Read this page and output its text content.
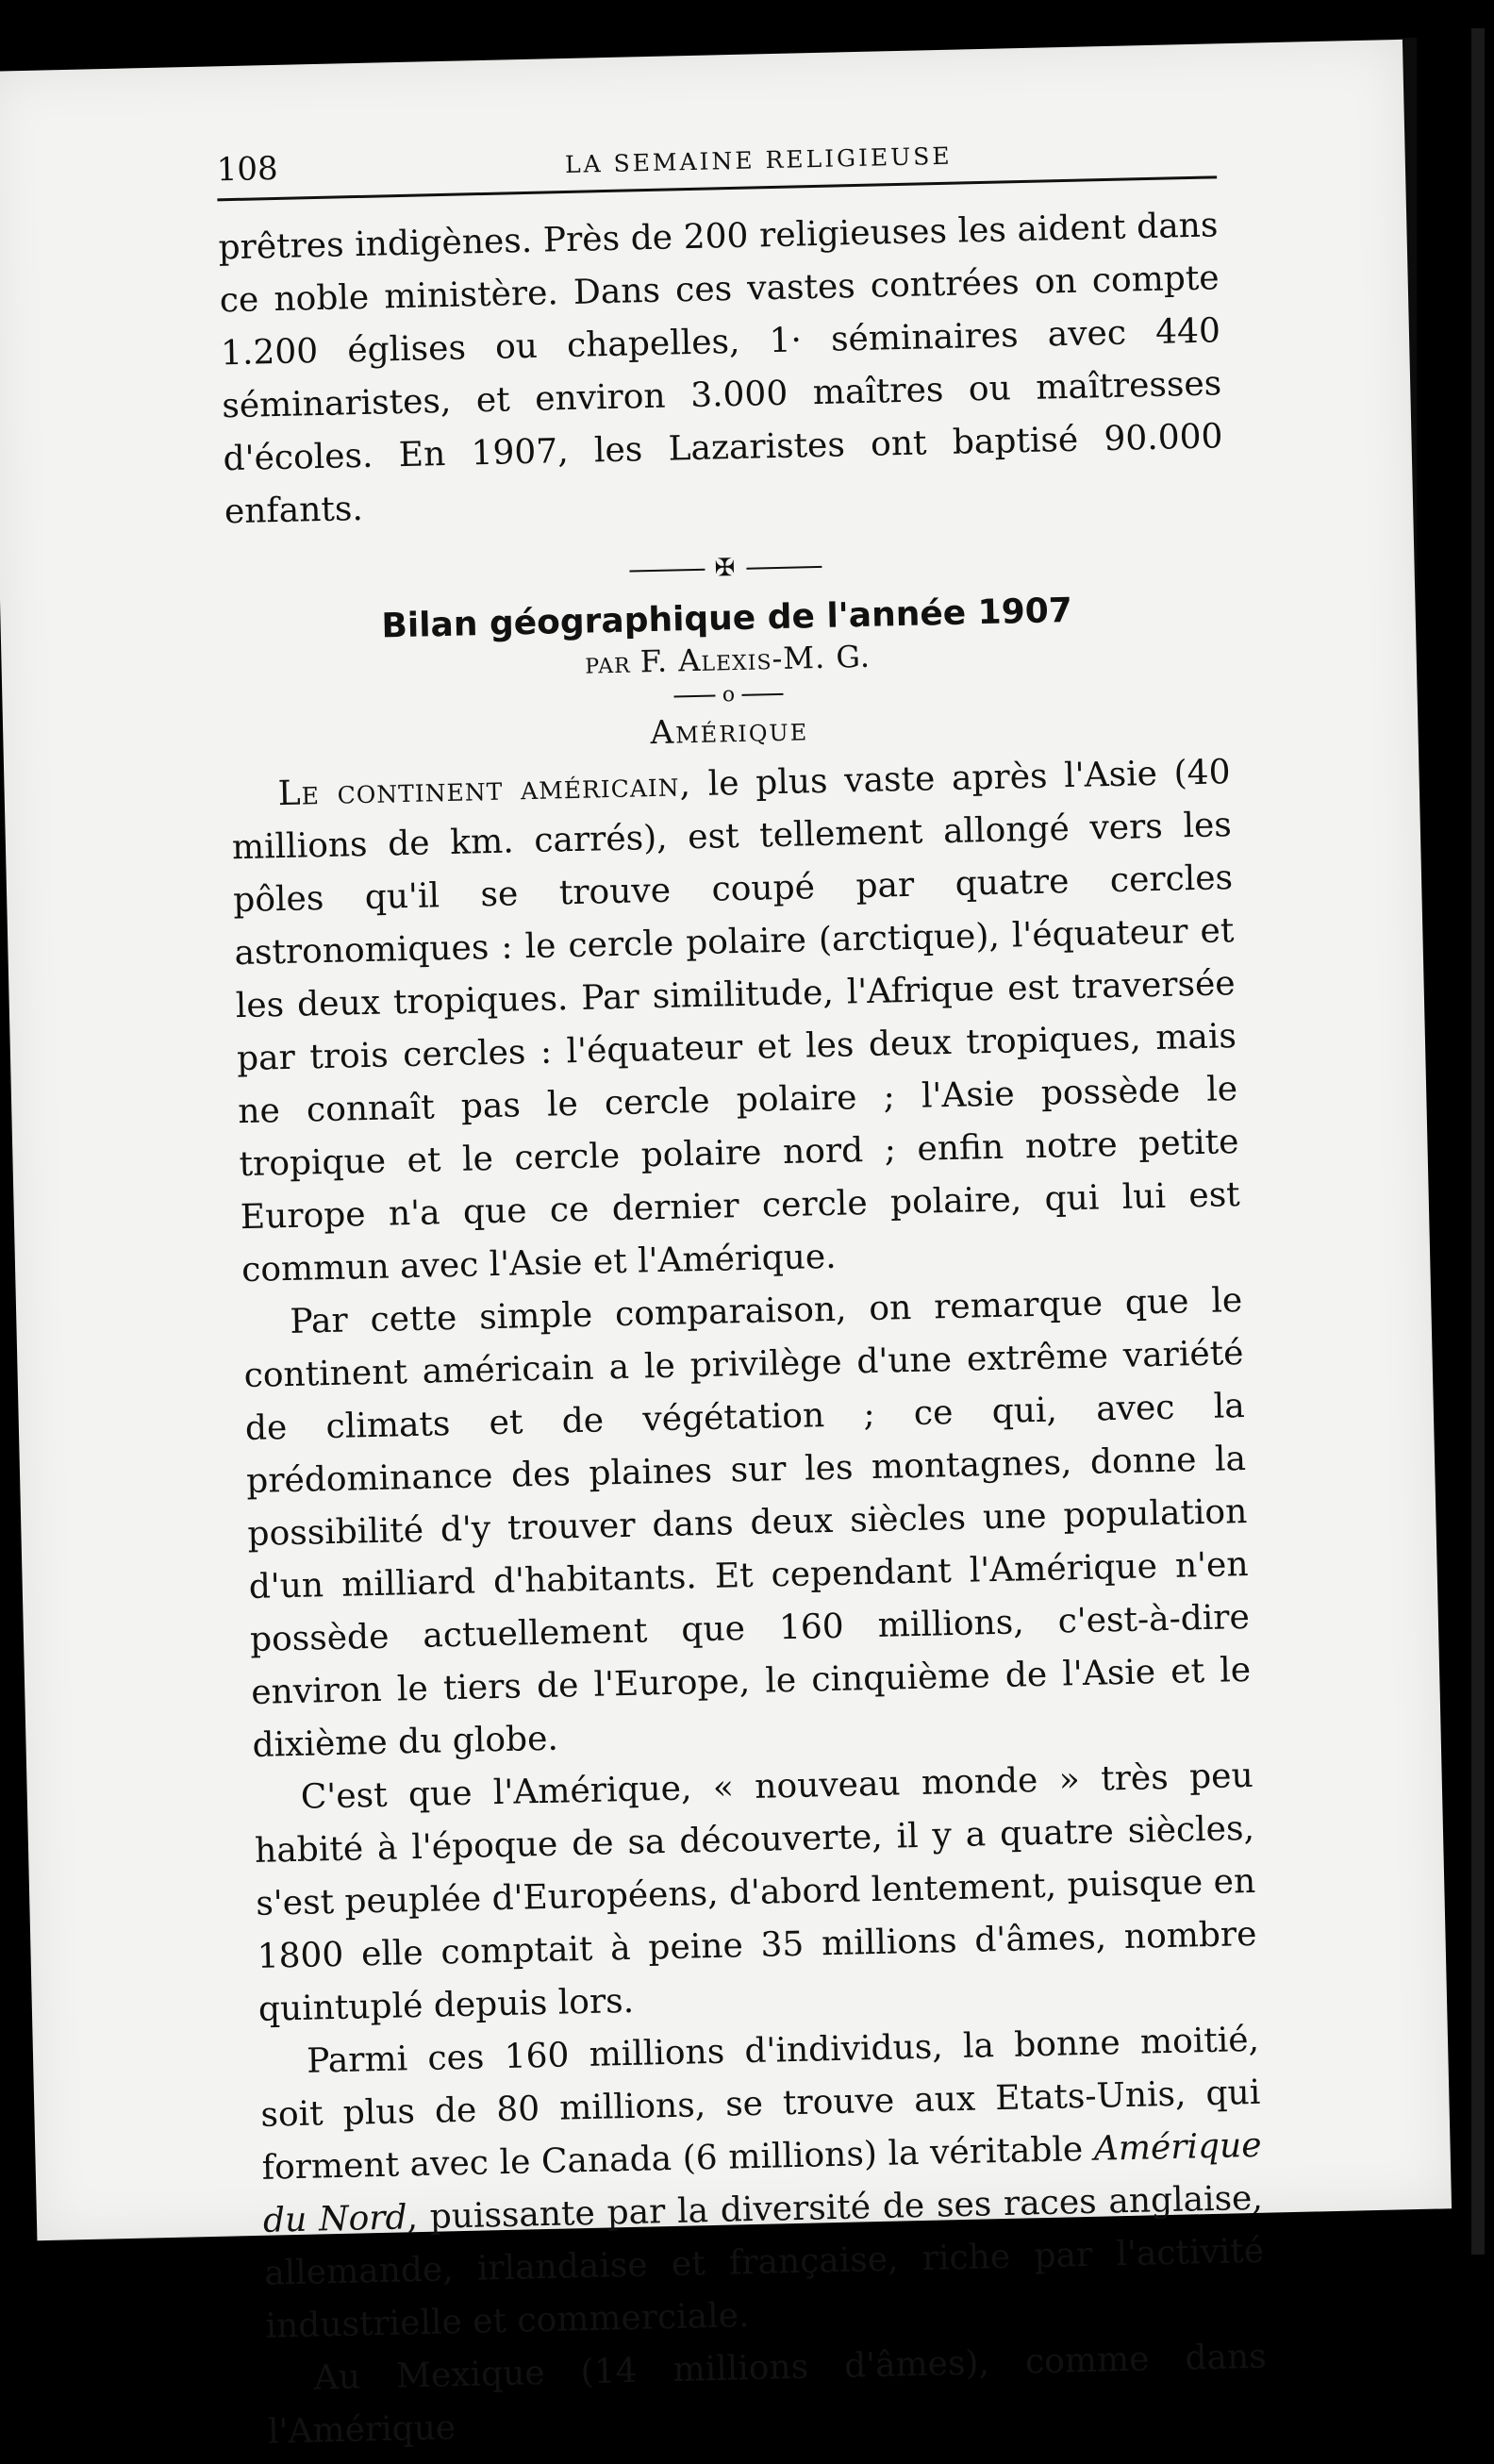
108	LA SEMAINE RELIGIEUSE

prêtres indigènes. Près de 200 religieuses les aident dans ce noble ministère. Dans ces vastes contrées on compte 1.200 églises ou chapelles, 1· séminaires avec 440 séminaristes, et environ 3.000 maîtres ou maîtresses d'écoles. En 1907, les Lazaristes ont baptisé 90.000 enfants.

✠
Bilan géographique de l'année 1907
par F. Alexis-M. G.
o
Amérique

Le continent américain, le plus vaste après l'Asie (40 millions de km. carrés), est tellement allongé vers les pôles qu'il se trouve coupé par quatre cercles astronomiques : le cercle polaire (arctique), l'équateur et les deux tropiques. Par similitude, l'Afrique est traversée par trois cercles : l'équateur et les deux tropiques, mais ne connaît pas le cercle polaire ; l'Asie possède le tropique et le cercle polaire nord ; enfin notre petite Europe n'a que ce dernier cercle polaire, qui lui est commun avec l'Asie et l'Amérique.

Par cette simple comparaison, on remarque que le continent américain a le privilège d'une extrême variété de climats et de végétation ; ce qui, avec la prédominance des plaines sur les montagnes, donne la possibilité d'y trouver dans deux siècles une population d'un milliard d'habitants. Et cependant l'Amérique n'en possède actuellement que 160 millions, c'est-à-dire environ le tiers de l'Europe, le cinquième de l'Asie et le dixième du globe.

C'est que l'Amérique, « nouveau monde » très peu habité à l'époque de sa découverte, il y a quatre siècles, s'est peuplée d'Européens, d'abord lentement, puisque en 1800 elle comptait à peine 35 millions d'âmes, nombre quintuplé depuis lors.

Parmi ces 160 millions d'individus, la bonne moitié, soit plus de 80 millions, se trouve aux Etats-Unis, qui forment avec le Canada (6 millions) la véritable Amérique du Nord, puissante par la diversité de ses races anglaise, allemande, irlandaise et française, riche par l'activité industrielle et commerciale.

Au Mexique (14 millions d'âmes), comme dans l'Amérique
